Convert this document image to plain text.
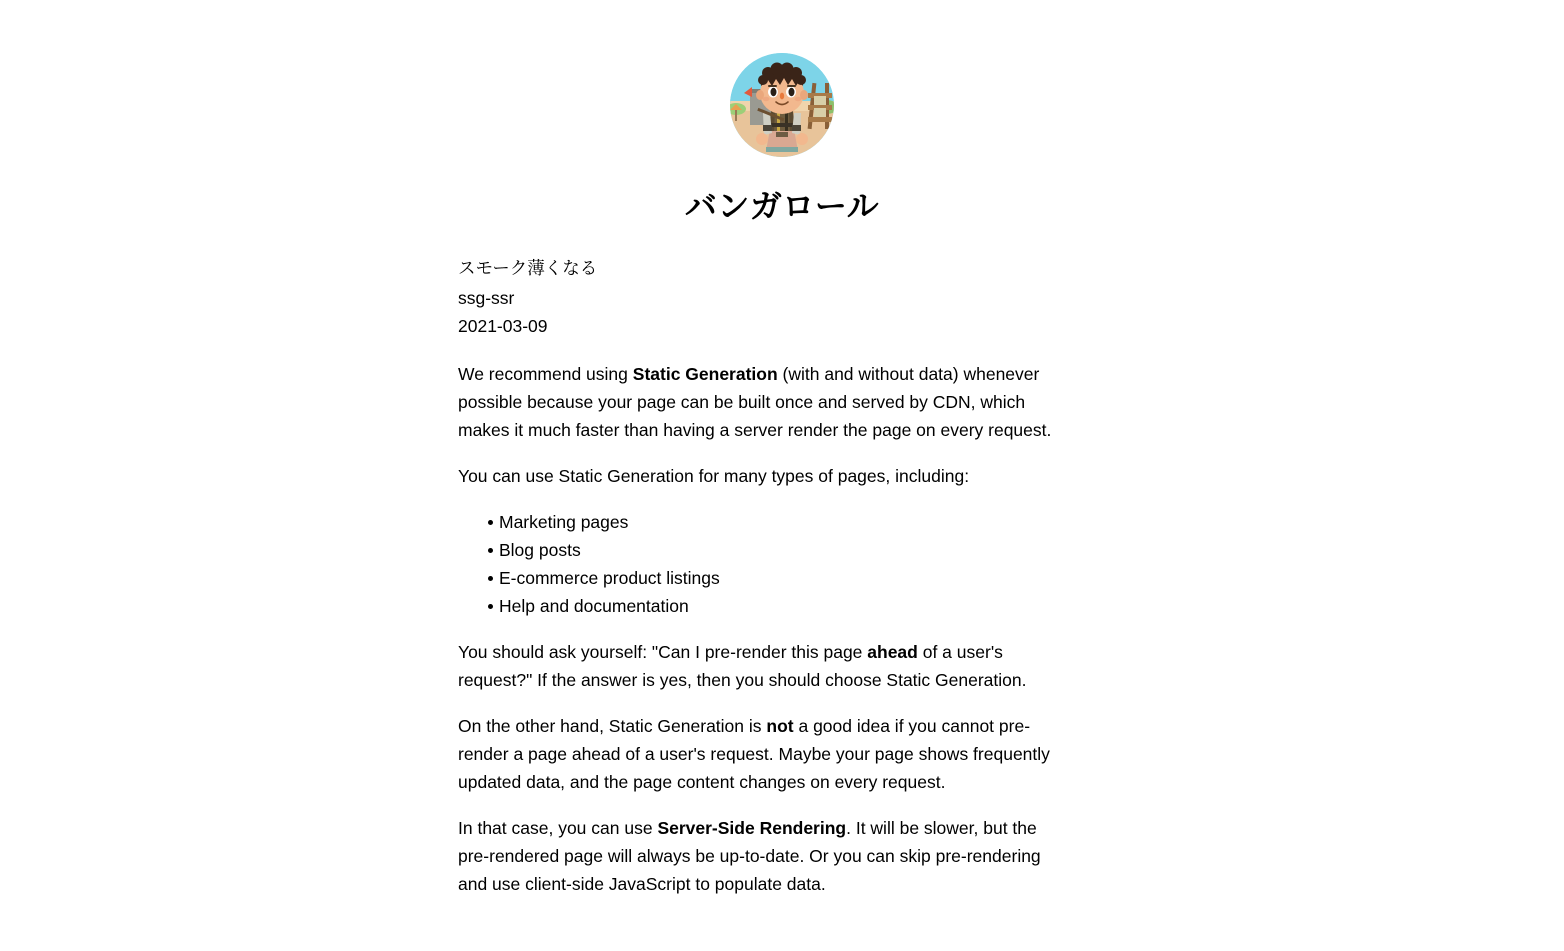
バンガロール
スモーク薄くなる
ssg-ssr
2021-03-09

We recommend using Static Generation (with and without data) whenever possible because your page can be built once and served by CDN, which makes it much faster than having a server render the page on every request.

You can use Static Generation for many types of pages, including:

Marketing pages
Blog posts
E-commerce product listings
Help and documentation

You should ask yourself: "Can I pre-render this page ahead of a user's request?" If the answer is yes, then you should choose Static Generation.

On the other hand, Static Generation is not a good idea if you cannot pre-render a page ahead of a user's request. Maybe your page shows frequently updated data, and the page content changes on every request.

In that case, you can use Server-Side Rendering. It will be slower, but the pre-rendered page will always be up-to-date. Or you can skip pre-rendering and use client-side JavaScript to populate data.
